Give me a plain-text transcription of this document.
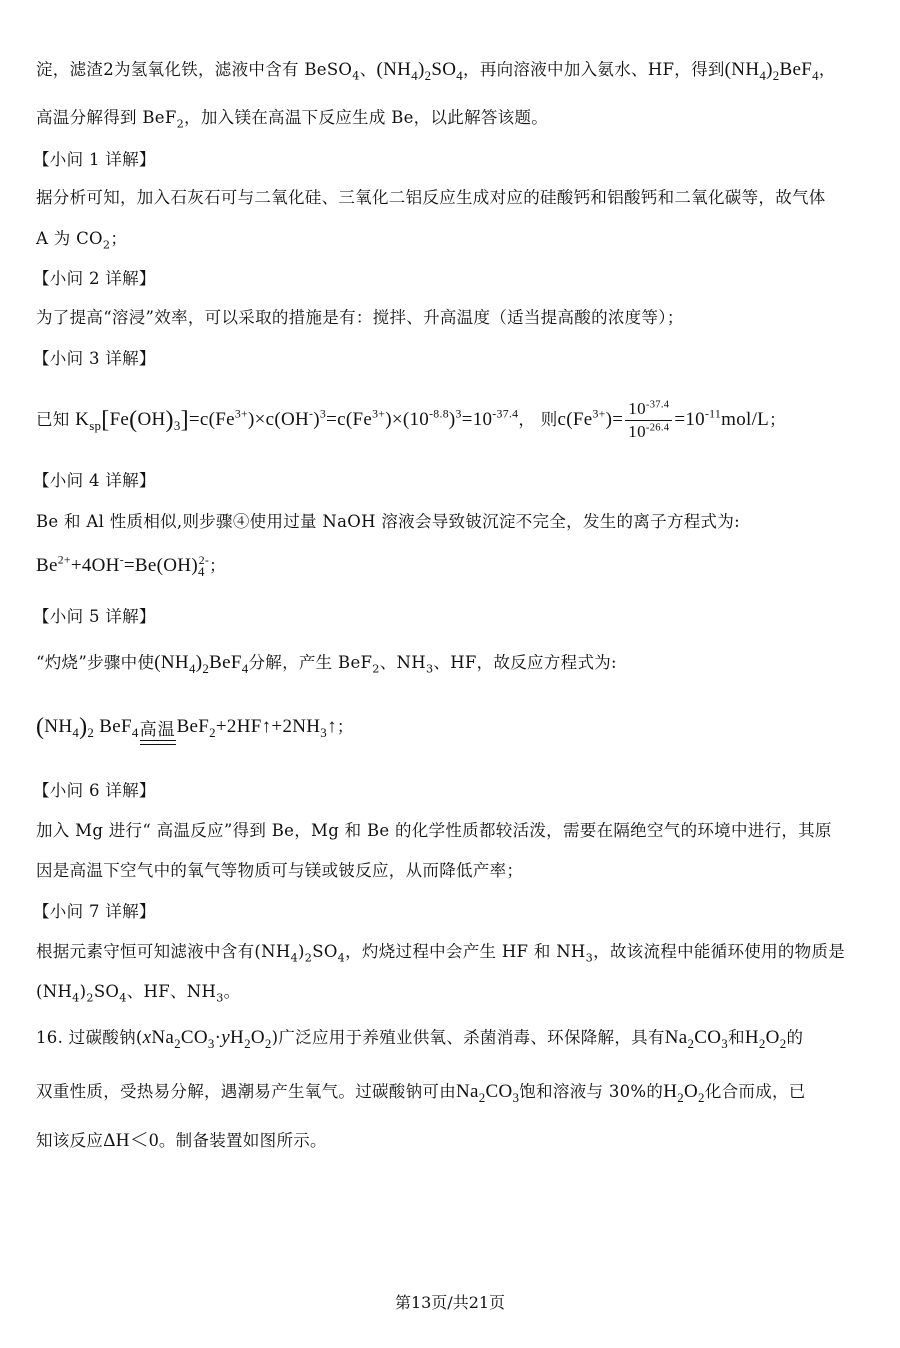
淀，滤渣2为氢氧化铁，滤液中含有 BeSO$_4$、$(NH_4)_2SO_4$，再向溶液中加入氨水、HF，得到$(NH_4)_2BeF_4$，
高温分解得到 BeF$_2$，加入镁在高温下反应生成 Be，以此解答该题。
【小问 1 详解】
据分析可知，加入石灰石可与二氧化硅、三氧化二铝反应生成对应的硅酸钙和铝酸钙和二氧化碳等，故气体
A 为 $CO_2$；
【小问 2 详解】
为了提高“溶浸”效率，可以采取的措施是有：搅拌、升高温度（适当提高酸的浓度等）；
【小问 3 详解】
已知 $K_{sp}[Fe(OH)_3]=c(Fe^{3+})\times c(OH^-)^3=c(Fe^{3+})\times(10^{-8.8})^3=10^{-37.4}$， 则$c(Fe^{3+})= \frac{10^{-37.4}}{10^{-26.4}} =10^{-11}mol/L$；
【小问 4 详解】
Be 和 Al 性质相似,则步骤④使用过量 NaOH 溶液会导致铍沉淀不完全，发生的离子方程式为:
$Be^{2+}+4OH^-=Be(OH)_4^{2-}$；
【小问 5 详解】
“灼烧”步骤中使$(NH_4)_2BeF_4$分解，产生 BeF$_2$、$NH_3$、HF，故反应方程式为:
$(NH_4)_2$ BeF$_4$ 高温 $BeF_2+2HF↑+2NH_3↑$；
【小问 6 详解】
加入 Mg 进行“ 高温反应”得到 Be，Mg 和 Be 的化学性质都较活泼，需要在隔绝空气的环境中进行，其原
因是高温下空气中的氧气等物质可与镁或铍反应，从而降低产率；
【小问 7 详解】
根据元素守恒可知滤液中含有$(NH_4)_2SO_4$，灼烧过程中会产生 HF 和 $NH_3$，故该流程中能循环使用的物质是
$(NH_4)_2SO_4$、HF、$NH_3$。
16. 过碳酸钠$(xNa_2CO_3\cdot yH_2O_2)$广泛应用于养殖业供氧、杀菌消毒、环保降解，具有$Na_2CO_3$和$H_2O_2$的
双重性质，受热易分解，遇潮易产生氧气。过碳酸钠可由$Na_2CO_3$饱和溶液与 30%的$H_2O_2$化合而成，已
知该反应ΔH＜0。制备装置如图所示。
第13页/共21页
